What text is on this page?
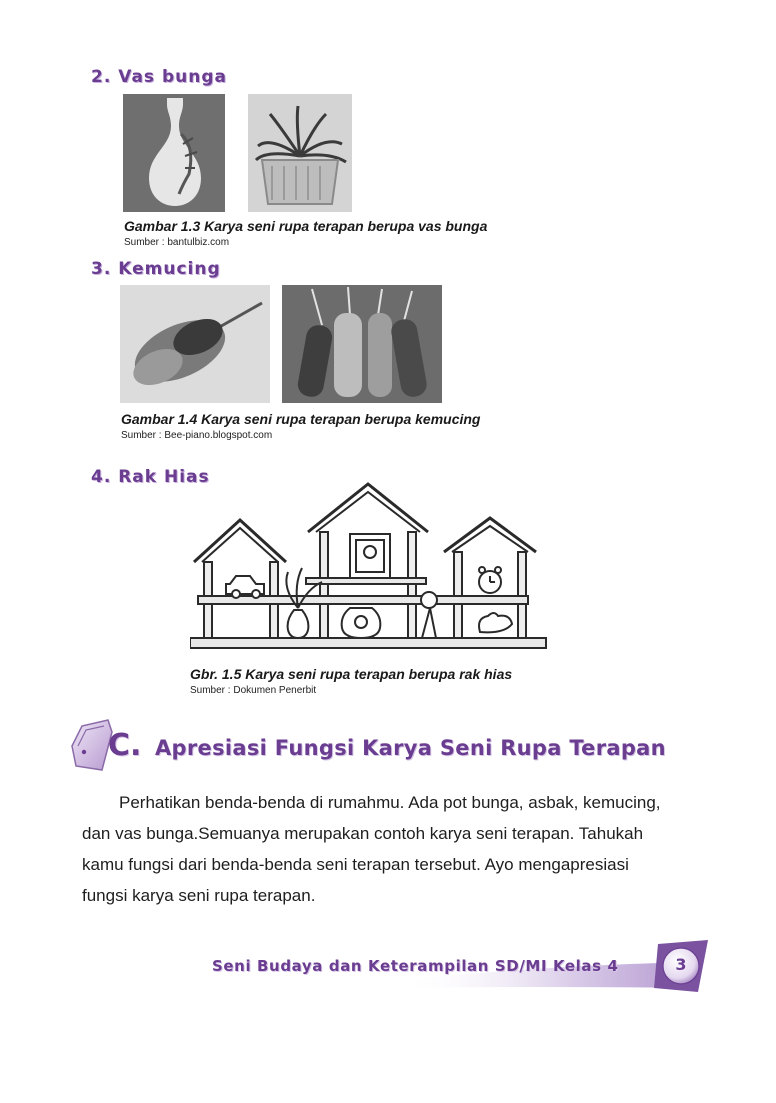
2. Vas bunga
Gambar 1.3 Karya seni rupa terapan berupa vas bunga
Sumber : bantulbiz.com
3. Kemucing
Gambar 1.4 Karya seni rupa terapan berupa kemucing
Sumber : Bee-piano.blogspot.com
4. Rak Hias
Gbr. 1.5 Karya seni rupa terapan berupa rak hias
Sumber : Dokumen Penerbit
C. Apresiasi Fungsi Karya Seni Rupa Terapan
Perhatikan benda-benda di rumahmu. Ada pot bunga, asbak, kemucing,
dan vas bunga.Semuanya merupakan contoh karya seni terapan. Tahukah
kamu fungsi dari benda-benda seni terapan tersebut. Ayo mengapresiasi
fungsi karya seni rupa terapan.
Seni Budaya dan Keterampilan SD/MI Kelas 4	3
